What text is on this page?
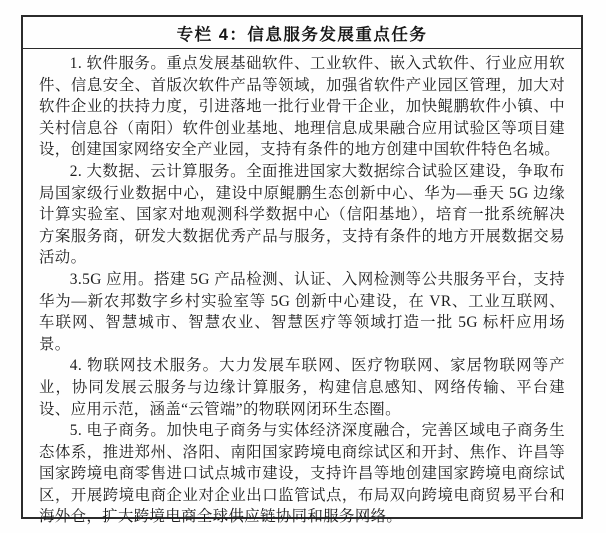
专栏 4：信息服务发展重点任务

1. 软件服务。重点发展基础软件、工业软件、嵌入式软件、行业应用软件、信息安全、首版次软件产品等领域，加强省软件产业园区管理，加大对软件企业的扶持力度，引进落地一批行业骨干企业，加快鲲鹏软件小镇、中关村信息谷（南阳）软件创业基地、地理信息成果融合应用试验区等项目建设，创建国家网络安全产业园，支持有条件的地方创建中国软件特色名城。

2. 大数据、云计算服务。全面推进国家大数据综合试验区建设，争取布局国家级行业数据中心，建设中原鲲鹏生态创新中心、华为—垂天 5G 边缘计算实验室、国家对地观测科学数据中心（信阳基地），培育一批系统解决方案服务商，研发大数据优秀产品与服务，支持有条件的地方开展数据交易活动。

3.5G 应用。搭建 5G 产品检测、认证、入网检测等公共服务平台，支持华为—新农邦数字乡村实验室等 5G 创新中心建设，在 VR、工业互联网、车联网、智慧城市、智慧农业、智慧医疗等领域打造一批 5G 标杆应用场景。

4. 物联网技术服务。大力发展车联网、医疗物联网、家居物联网等产业，协同发展云服务与边缘计算服务，构建信息感知、网络传输、平台建设、应用示范，涵盖“云管端”的物联网闭环生态圈。

5. 电子商务。加快电子商务与实体经济深度融合，完善区域电子商务生态体系，推进郑州、洛阳、南阳国家跨境电商综试区和开封、焦作、许昌等国家跨境电商零售进口试点城市建设，支持许昌等地创建国家跨境电商综试区，开展跨境电商企业对企业出口监管试点，布局双向跨境电商贸易平台和海外仓，扩大跨境电商全球供应链协同和服务网络。
